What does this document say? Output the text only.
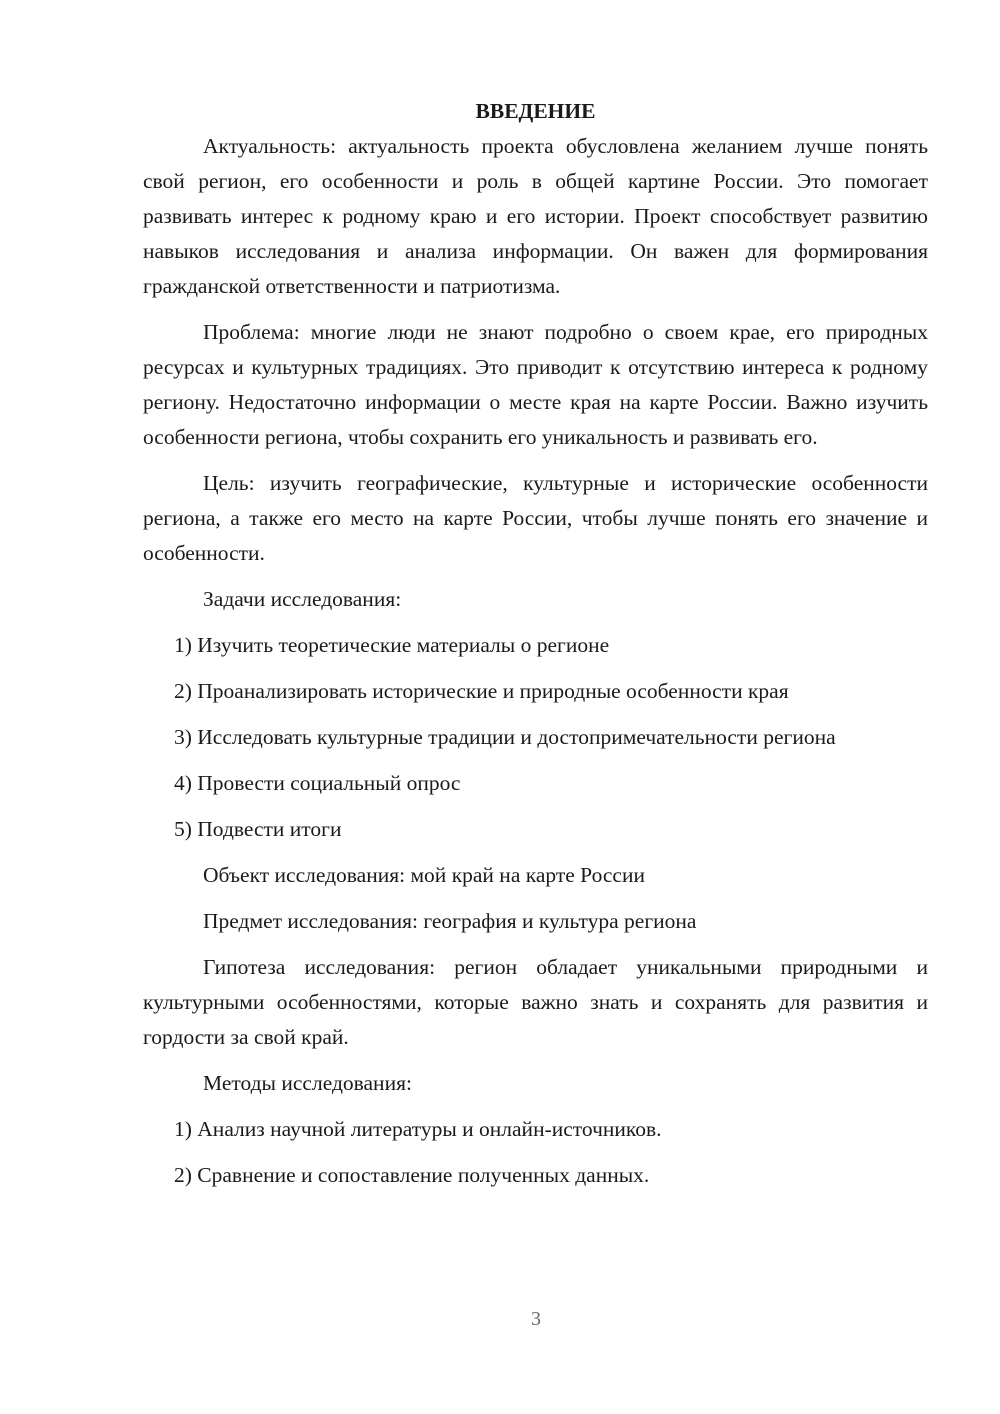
ВВЕДЕНИЕ
Актуальность: актуальность проекта обусловлена желанием лучше понять свой регион, его особенности и роль в общей картине России. Это помогает развивать интерес к родному краю и его истории. Проект способствует развитию навыков исследования и анализа информации. Он важен для формирования гражданской ответственности и патриотизма.
Проблема: многие люди не знают подробно о своем крае, его природных ресурсах и культурных традициях. Это приводит к отсутствию интереса к родному региону. Недостаточно информации о месте края на карте России. Важно изучить особенности региона, чтобы сохранить его уникальность и развивать его.
Цель: изучить географические, культурные и исторические особенности региона, а также его место на карте России, чтобы лучше понять его значение и особенности.
Задачи исследования:
1) Изучить теоретические материалы о регионе
2) Проанализировать исторические и природные особенности края
3) Исследовать культурные традиции и достопримечательности региона
4) Провести социальный опрос
5) Подвести итоги
Объект исследования: мой край на карте России
Предмет исследования: география и культура региона
Гипотеза исследования: регион обладает уникальными природными и культурными особенностями, которые важно знать и сохранять для развития и гордости за свой край.
Методы исследования:
1) Анализ научной литературы и онлайн-источников.
2) Сравнение и сопоставление полученных данных.
3
